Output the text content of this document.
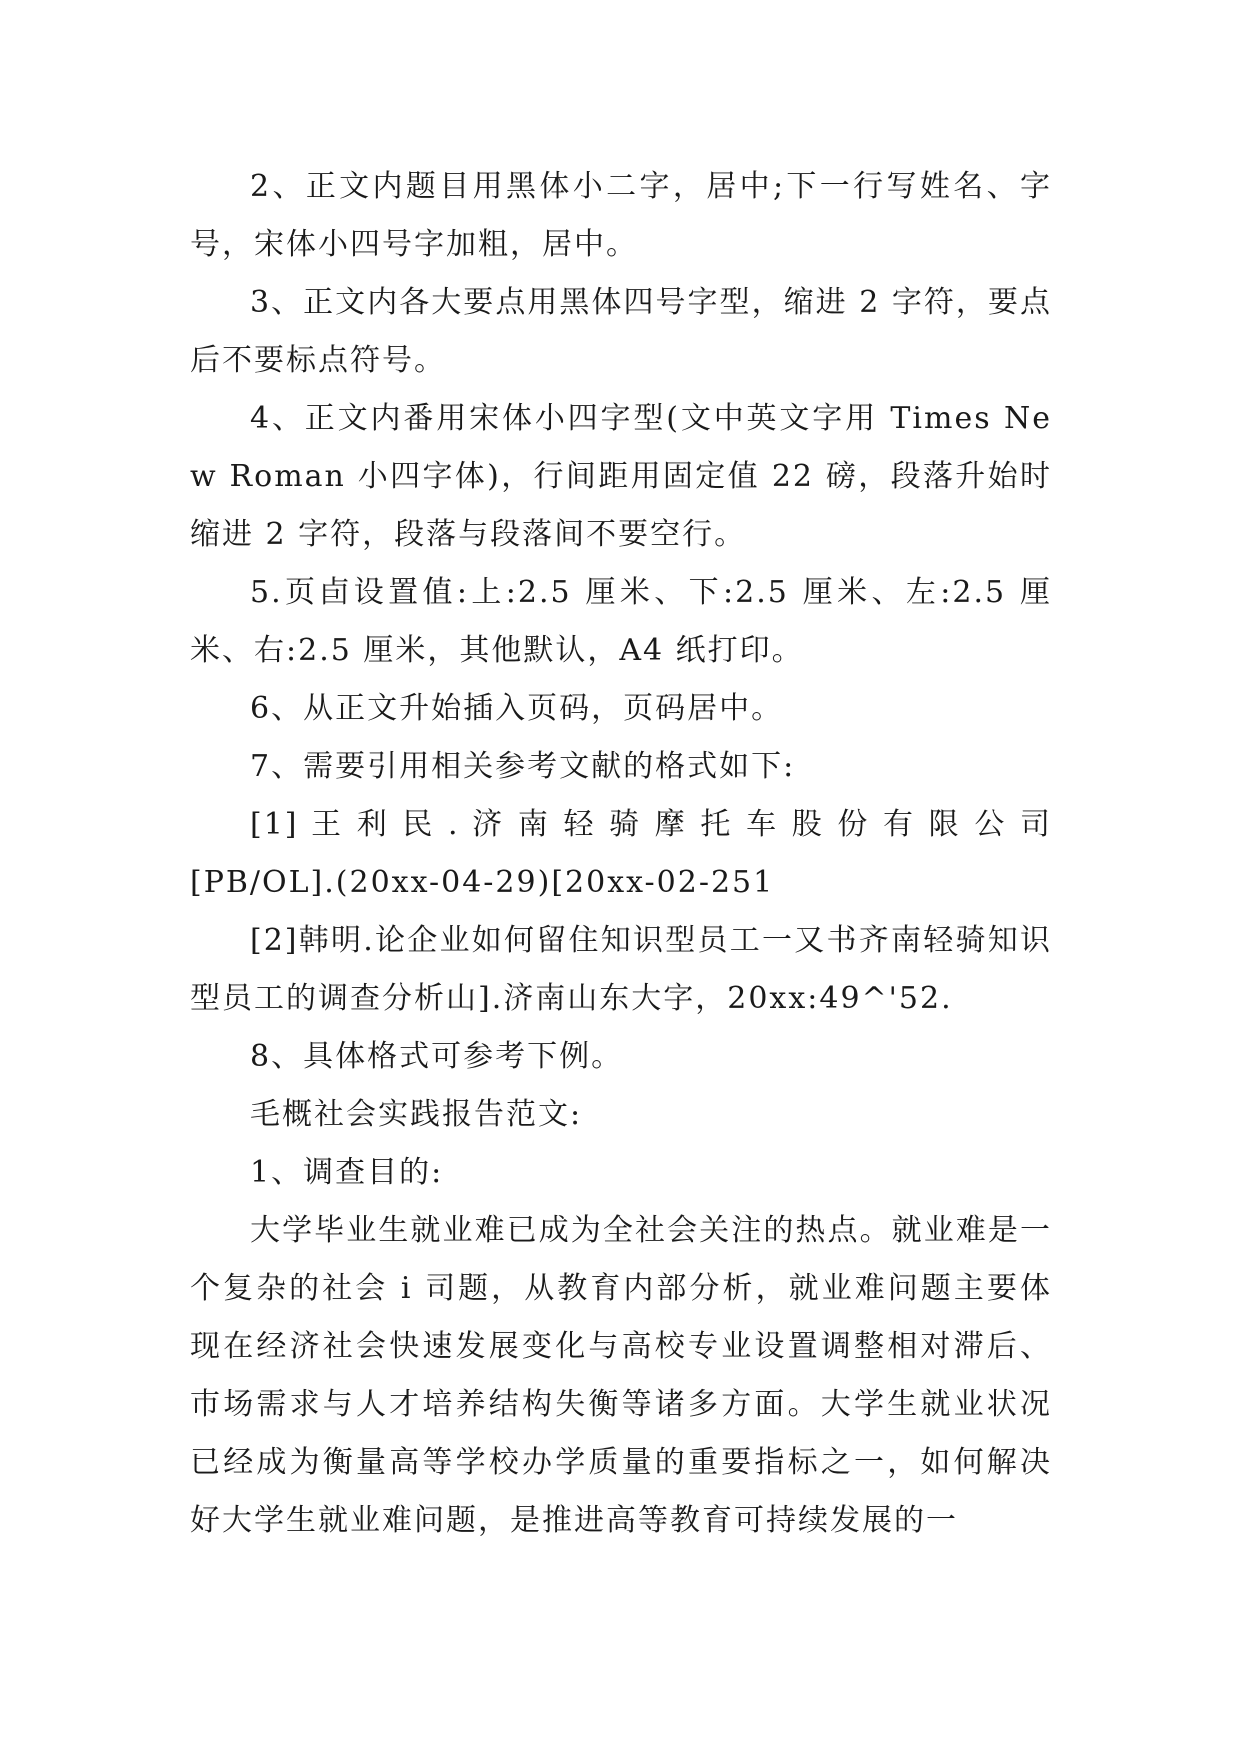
2、正文内题目用黑体小二字，居中;下一行写姓名、字号，宋体小四号字加粗，居中。

3、正文内各大要点用黑体四号字型，缩进 2 字符，要点后不要标点符号。

4、正文内番用宋体小四字型(文中英文字用 Times New Roman 小四字体)，行间距用固定值 22 磅，段落升始时缩进 2 字符，段落与段落间不要空行。

5.页卣设置值:上:2.5 厘米、下:2.5 厘米、左:2.5 厘米、右:2.5 厘米，其他默认，A4 纸打印。

6、从正文升始插入页码，页码居中。

7、需要引用相关参考文献的格式如下:

[1] 王 利 民 . 济 南 轻 骑 摩 托 车 股 份 有 限 公 司 [PB/OL].(20xx-04-29)[20xx-02-251

[2]韩明.论企业如何留住知识型员工一又书齐南轻骑知识型员工的调查分析山].济南山东大字，20xx:49^'52.

8、具体格式可参考下例。

毛概社会实践报告范文:

1、调查目的:

大学毕业生就业难已成为全社会关注的热点。就业难是一个复杂的社会 i 司题，从教育内部分析，就业难问题主要体现在经济社会快速发展变化与高校专业设置调整相对滞后、巿场需求与人才培养结构失衡等诸多方面。大学生就业状况已经成为衡量高等学校办学质量的重要指标之一，如何解决好大学生就业难问题，是推进高等教育可持续发展的一
